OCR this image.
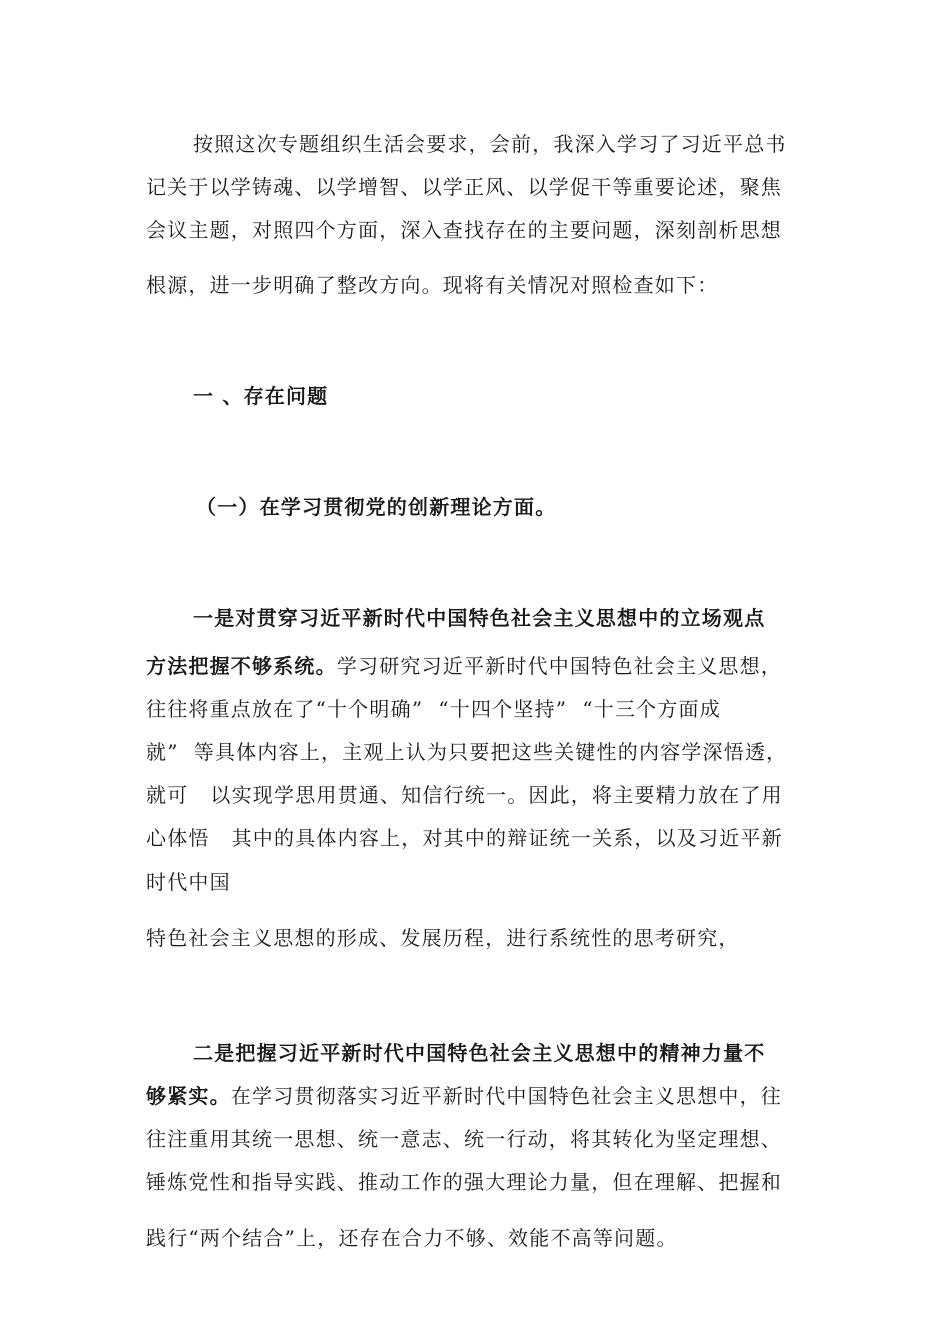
按照这次专题组织生活会要求，会前，我深入学习了习近平总书
记关于以学铸魂、以学增智、以学正风、以学促干等重要论述，聚焦
会议主题，对照四个方面，深入查找存在的主要问题，深刻剖析思想
根源，进一步明确了整改方向。现将有关情况对照检查如下：
一 、存在问题
（一）在学习贯彻党的创新理论方面。
一是对贯穿习近平新时代中国特色社会主义思想中的立场观点
方法把握不够系统。学习研究习近平新时代中国特色社会主义思想，
往往将重点放在了“十个明确”  “十四个坚持”  “十三个方面成
就”  等具体内容上，主观上认为只要把这些关键性的内容学深悟透，
就可 以实现学思用贯通、知信行统一。因此，将主要精力放在了用
心体悟 其中的具体内容上，对其中的辩证统一关系，以及习近平新
时代中国
特色社会主义思想的形成、发展历程，进行系统性的思考研究，
二是把握习近平新时代中国特色社会主义思想中的精神力量不
够紧实。在学习贯彻落实习近平新时代中国特色社会主义思想中，往
往注重用其统一思想、统一意志、统一行动，将其转化为坚定理想、
锤炼党性和指导实践、推动工作的强大理论力量，但在理解、把握和
践行“两个结合”上，还存在合力不够、效能不高等问题。
